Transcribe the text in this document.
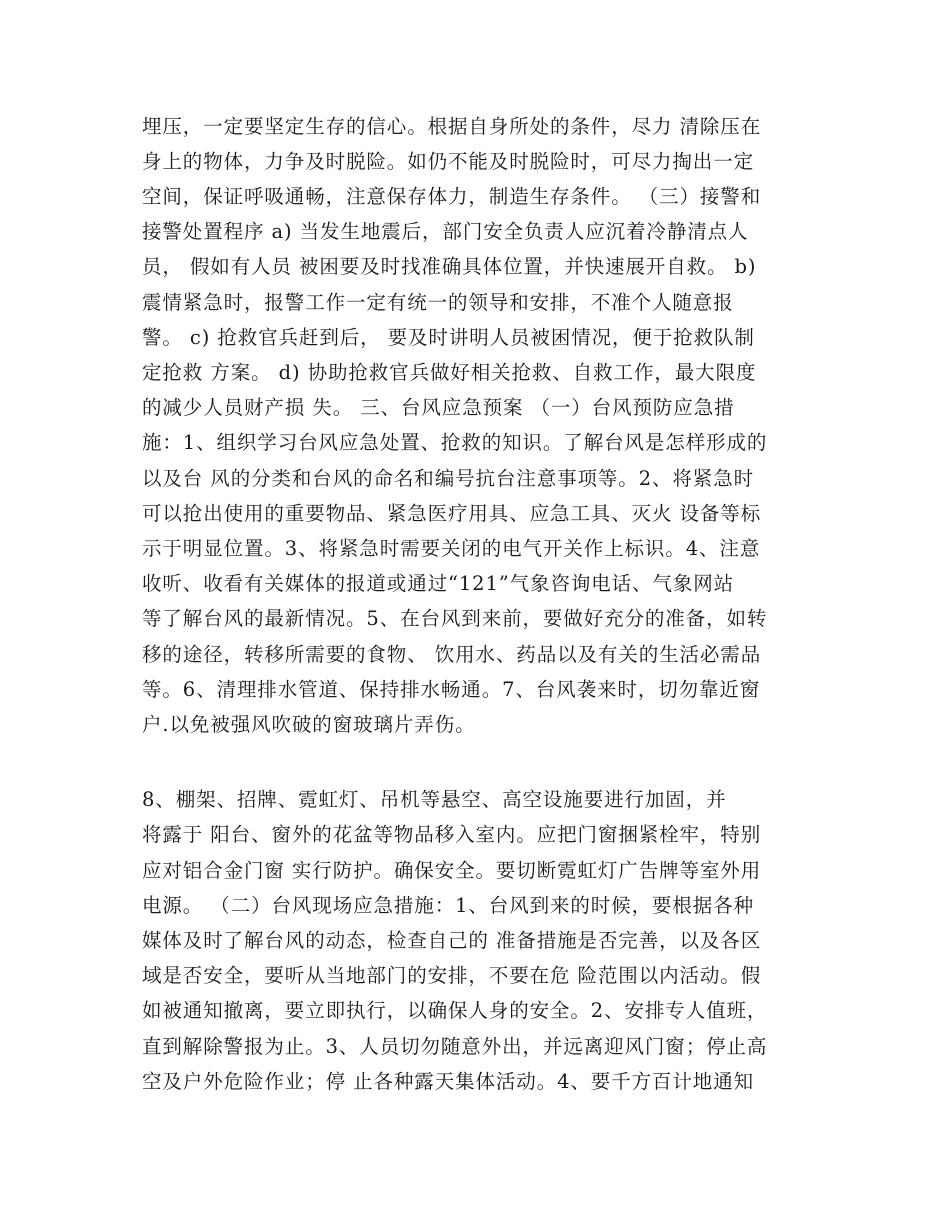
埋压，一定要坚定生存的信心。根据自身所处的条件，尽力 清除压在
身上的物体，力争及时脱险。如仍不能及时脱险时，可尽力掏出一定
空间，保证呼吸通畅，注意保存体力，制造生存条件。 （三）接警和
接警处置程序 a) 当发生地震后，部门安全负责人应沉着冷静清点人
员， 假如有人员 被困要及时找准确具体位置，并快速展开自救。 b)
震情紧急时，报警工作一定有统一的领导和安排，不准个人随意报
警。 c) 抢救官兵赶到后， 要及时讲明人员被困情况，便于抢救队制
定抢救 方案。 d) 协助抢救官兵做好相关抢救、自救工作，最大限度
的减少人员财产损 失。 三、台风应急预案 （一）台风预防应急措
施：1、组织学习台风应急处置、抢救的知识。了解台风是怎样形成的
以及台 风的分类和台风的命名和编号抗台注意事项等。2、将紧急时
可以抢出使用的重要物品、紧急医疗用具、应急工具、灭火 设备等标
示于明显位置。3、将紧急时需要关闭的电气开关作上标识。4、注意
收听、收看有关媒体的报道或通过“121”气象咨询电话、气象网站
等了解台风的最新情况。5、在台风到来前，要做好充分的准备，如转
移的途径，转移所需要的食物、 饮用水、药品以及有关的生活必需品
等。6、清理排水管道、保持排水畅通。7、台风袭来时，切勿靠近窗
户.以免被强风吹破的窗玻璃片弄伤。
8、棚架、招牌、霓虹灯、吊机等悬空、高空设施要进行加固，并
将露于 阳台、窗外的花盆等物品移入室内。应把门窗捆紧栓牢，特别
应对铝合金门窗 实行防护。确保安全。要切断霓虹灯广告牌等室外用
电源。 （二）台风现场应急措施：1、台风到来的时候，要根据各种
媒体及时了解台风的动态，检查自己的 准备措施是否完善，以及各区
域是否安全，要听从当地部门的安排，不要在危 险范围以内活动。假
如被通知撤离，要立即执行，以确保人身的安全。2、安排专人值班，
直到解除警报为止。3、人员切勿随意外出，并远离迎风门窗；停止高
空及户外危险作业；停 止各种露天集体活动。4、要千方百计地通知
